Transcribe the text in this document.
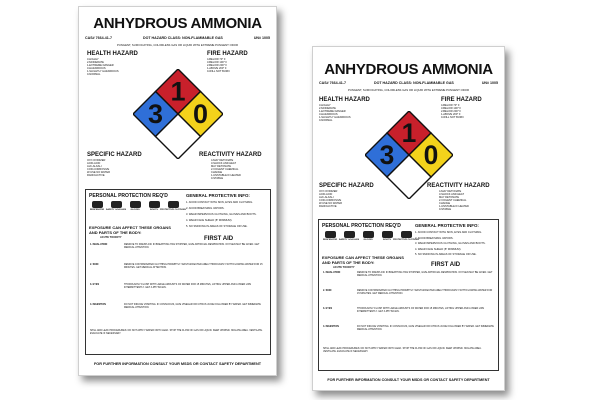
ANHYDROUS AMMONIA
CAS# 7664-41-7	DOT HAZARD CLASS: NON-FLAMMABLE GAS	UN# 1005
PUNGENT, SUFFOCATING, COLORLESS GAS OR LIQUID WITH EXTREME PUNGENT ODOR
HEALTH HAZARD
3-HIGHLY
2-MODERATE
1-EXTREME DANGER
3-HAZARDOUS
1-SLIGHTLY HAZARDOUS
0-NORMAL
FIRE HAZARD
4-BELOW 73° F
3-BELOW 100° F
2-BELOW 200° F
1-ABOVE 200° F
0-WILL NOT BURN
1
3 0
SPECIFIC HAZARD
OXY-OXIDIZER
ACID-ACID
ALK-ALKALI
COR-CORROSIVE
W-USE NO WATER
RADIOACTIVE
REACTIVITY HAZARD
4-MAY DETONATE
3-SHOCK AND HEAT
MAY DETONATE
2-VIOLENT CHEMICAL
CHANGE
1-UNSTABLE IF HEATED
0-STABLE
PERSONAL PROTECTION REQ'D
RESPIRATOR SAFETY GOGGLES GLOVES	BOOTS PROTECTIVE CLOTHING
EXPOSURE CAN AFFECT THESE ORGANS AND PARTS OF THE BODY:
ACUTE TOXICITY
GENERAL PROTECTIVE INFO:
FIRST AID
SPILL AND LEAK PROCEDURES: DO NOT APPLY WATER ONTO LEAK. STOP THE FLOW OF GAS OR LIQUID. KEEP UPWIND. ISOLATE AREA. VENTILATE. EVACUATE IF NECESSARY.
1. AVOID CONTACT WITH SKIN, EYES AND CLOTHING.
2. AVOID BREATHING VAPORS.
3. WEAR IMPERVIOUS CLOTHING, GLOVES AND BOOTS.
4. WEAR FACE SHIELD (8" MINIMUM).
5. NO SMOKING IN AREAS OF STORAGE OR USE.
1. INHALATION	REMOVE TO FRESH AIR. IF BREATHING HAS STOPPED, GIVE ARTIFICIAL RESPIRATION. OXYGEN MAY BE GIVEN. GET MEDICAL ATTENTION.
2. SKIN	REMOVE CONTAMINATED CLOTHING PROMPTLY. WASH AFFECTED AREA THOROUGHLY WITH FLOWING WATER FOR 15 MINUTES. GET MEDICAL ATTENTION.
3. EYES	THOROUGHLY FLUSH WITH LARGE AMOUNTS OF WATER FOR 15 MINUTES, LIFTING UPPER AND LOWER LIDS INTERMITTENTLY. GET A PHYSICIAN.
4. INGESTION	DO NOT INDUCE VOMITING. IF CONSCIOUS, GIVE VINEGAR OR CITRUS JUICE FOLLOWED BY WATER. GET IMMEDIATE MEDICAL ATTENTION.
FOR FURTHER INFORMATION CONSULT YOUR MSDS OR CONTACT SAFETY DEPARTMENT
ANHYDROUS AMMONIA
CAS# 7664-41-7	DOT HAZARD CLASS: NON-FLAMMABLE GAS	UN# 1005
PUNGENT, SUFFOCATING, COLORLESS GAS OR LIQUID WITH EXTREME PUNGENT ODOR
HEALTH HAZARD
3-HIGHLY
2-MODERATE
1-EXTREME DANGER
3-HAZARDOUS
1-SLIGHTLY HAZARDOUS
0-NORMAL
FIRE HAZARD
4-BELOW 73° F
3-BELOW 100° F
2-BELOW 200° F
1-ABOVE 200° F
0-WILL NOT BURN
1
3 0
SPECIFIC HAZARD
OXY-OXIDIZER
ACID-ACID
ALK-ALKALI
COR-CORROSIVE
W-USE NO WATER
RADIOACTIVE
REACTIVITY HAZARD
4-MAY DETONATE
3-SHOCK AND HEAT
MAY DETONATE
2-VIOLENT CHEMICAL
CHANGE
1-UNSTABLE IF HEATED
0-STABLE
PERSONAL PROTECTION REQ'D
RESPIRATOR SAFETY GOGGLES GLOVES	BOOTS PROTECTIVE CLOTHING
EXPOSURE CAN AFFECT THESE ORGANS AND PARTS OF THE BODY:
ACUTE TOXICITY
GENERAL PROTECTIVE INFO:
FIRST AID
SPILL AND LEAK PROCEDURES: DO NOT APPLY WATER ONTO LEAK. STOP THE FLOW OF GAS OR LIQUID. KEEP UPWIND. ISOLATE AREA. VENTILATE. EVACUATE IF NECESSARY.
1. AVOID CONTACT WITH SKIN, EYES AND CLOTHING.
2. AVOID BREATHING VAPORS.
3. WEAR IMPERVIOUS CLOTHING, GLOVES AND BOOTS.
4. WEAR FACE SHIELD (8" MINIMUM).
5. NO SMOKING IN AREAS OF STORAGE OR USE.
1. INHALATION	REMOVE TO FRESH AIR. IF BREATHING HAS STOPPED, GIVE ARTIFICIAL RESPIRATION. OXYGEN MAY BE GIVEN. GET MEDICAL ATTENTION.
2. SKIN	REMOVE CONTAMINATED CLOTHING PROMPTLY. WASH AFFECTED AREA THOROUGHLY WITH FLOWING WATER FOR 15 MINUTES. GET MEDICAL ATTENTION.
3. EYES	THOROUGHLY FLUSH WITH LARGE AMOUNTS OF WATER FOR 15 MINUTES, LIFTING UPPER AND LOWER LIDS INTERMITTENTLY. GET A PHYSICIAN.
4. INGESTION	DO NOT INDUCE VOMITING. IF CONSCIOUS, GIVE VINEGAR OR CITRUS JUICE FOLLOWED BY WATER. GET IMMEDIATE MEDICAL ATTENTION.
FOR FURTHER INFORMATION CONSULT YOUR MSDS OR CONTACT SAFETY DEPARTMENT
